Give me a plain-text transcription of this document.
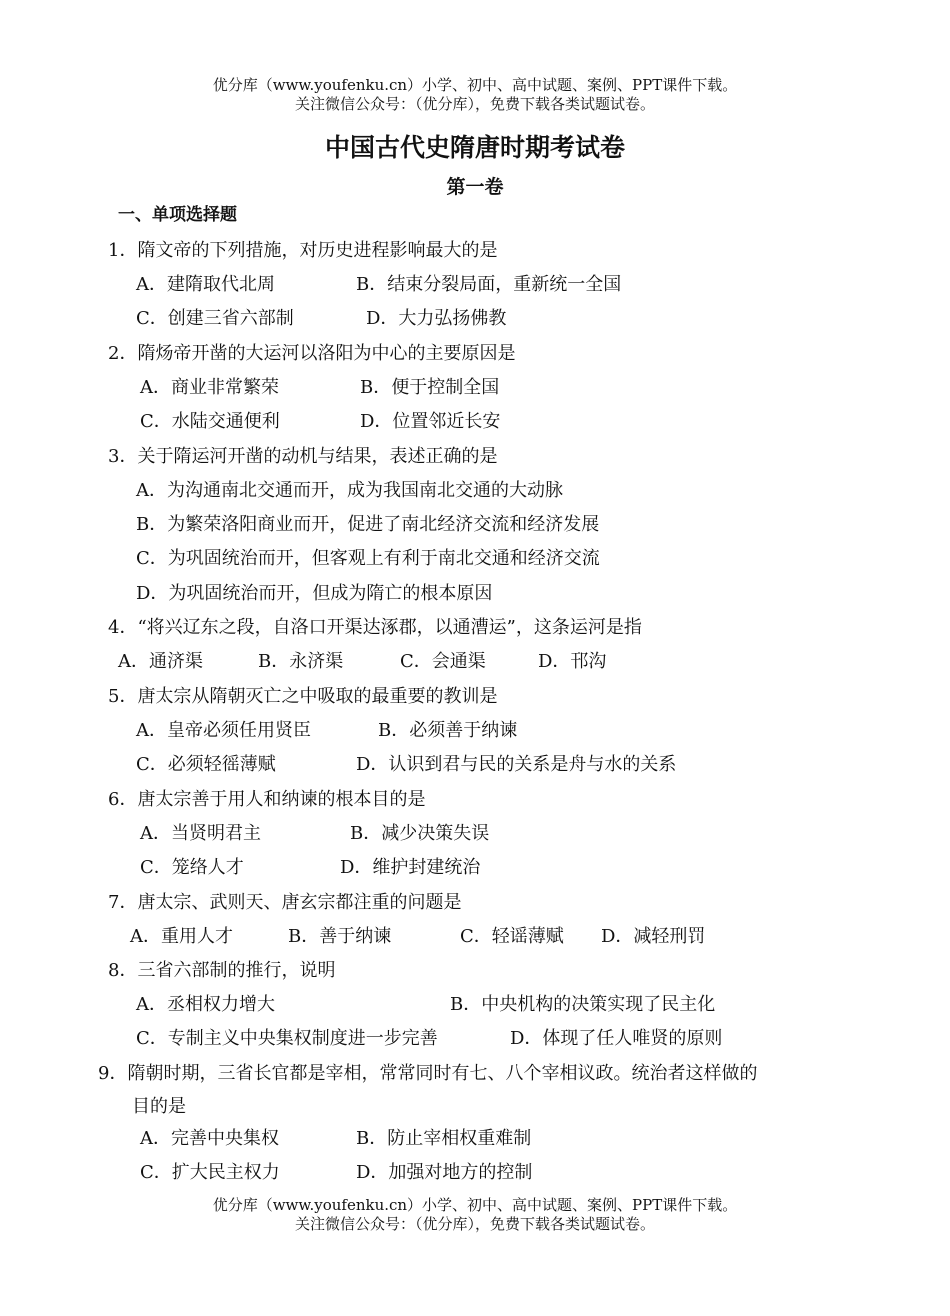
优分库（www.youfenku.cn）小学、初中、高中试题、案例、PPT课件下载。
关注微信公众号：（优分库），免费下载各类试题试卷。
中国古代史隋唐时期考试卷
第一卷
一、单项选择题
1．隋文帝的下列措施，对历史进程影响最大的是
A．建隋取代北周	B．结束分裂局面，重新统一全国
C．创建三省六部制	D．大力弘扬佛教
2．隋炀帝开凿的大运河以洛阳为中心的主要原因是
A．商业非常繁荣	B．便于控制全国
C．水陆交通便利	D．位置邻近长安
3．关于隋运河开凿的动机与结果，表述正确的是
A．为沟通南北交通而开，成为我国南北交通的大动脉
B．为繁荣洛阳商业而开，促进了南北经济交流和经济发展
C．为巩固统治而开，但客观上有利于南北交通和经济交流
D．为巩固统治而开，但成为隋亡的根本原因
4．“将兴辽东之段，自洛口开渠达涿郡，以通漕运”，这条运河是指
A．通济渠	B．永济渠	C．会通渠	D．邗沟
5．唐太宗从隋朝灭亡之中吸取的最重要的教训是
A．皇帝必须任用贤臣	B．必须善于纳谏
C．必须轻徭薄赋	D．认识到君与民的关系是舟与水的关系
6．唐太宗善于用人和纳谏的根本目的是
A．当贤明君主	B．减少决策失误
C．笼络人才	D．维护封建统治
7．唐太宗、武则天、唐玄宗都注重的问题是
A．重用人才	B．善于纳谏	C．轻谣薄赋 D．减轻刑罚
8．三省六部制的推行，说明
A．丞相权力增大	B．中央机构的决策实现了民主化
C．专制主义中央集权制度进一步完善	D．体现了任人唯贤的原则
9．隋朝时期，三省长官都是宰相，常常同时有七、八个宰相议政。统治者这样做的
目的是
A．完善中央集权	B．防止宰相权重难制
C．扩大民主权力	D．加强对地方的控制
优分库（www.youfenku.cn）小学、初中、高中试题、案例、PPT课件下载。
关注微信公众号：（优分库），免费下载各类试题试卷。
